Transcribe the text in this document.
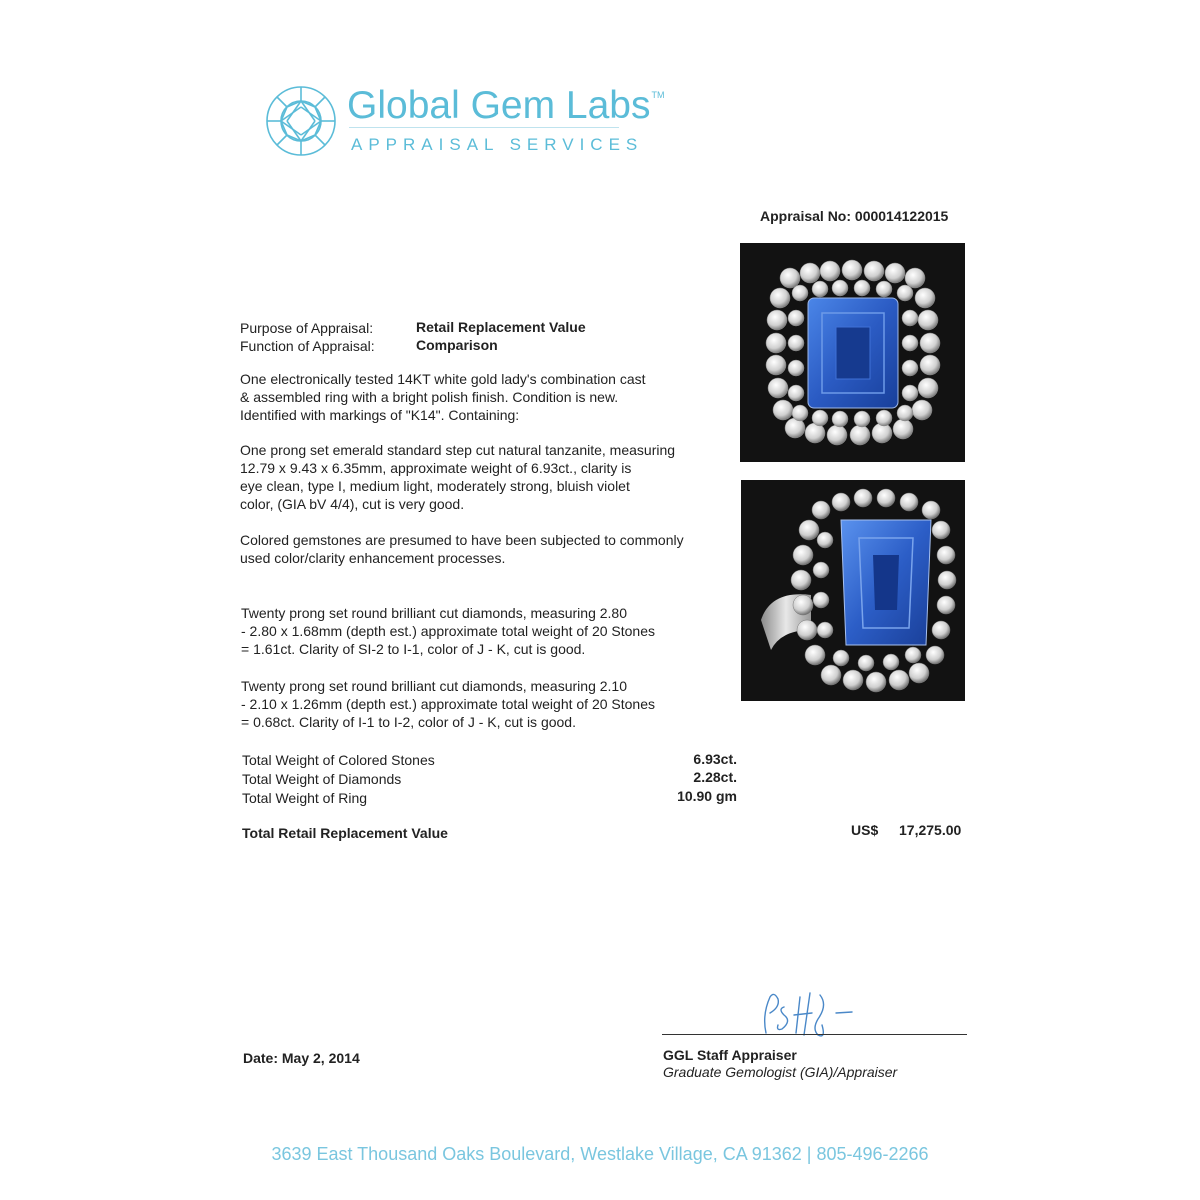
Global Gem Labs™
APPRAISAL SERVICES
Appraisal No: 000014122015
Purpose of Appraisal:	Retail Replacement Value
Function of Appraisal:	Comparison
One electronically tested 14KT white gold lady's combination cast
& assembled ring with a bright polish finish. Condition is new.
Identified with markings of "K14". Containing:
One prong set emerald standard step cut natural tanzanite, measuring
12.79 x 9.43 x 6.35mm, approximate weight of 6.93ct., clarity is
eye clean, type I, medium light, moderately strong, bluish violet
color, (GIA bV 4/4), cut is very good.
Colored gemstones are presumed to have been subjected to commonly
used color/clarity enhancement processes.
Twenty prong set round brilliant cut diamonds, measuring 2.80
- 2.80 x 1.68mm (depth est.) approximate total weight of 20 Stones
= 1.61ct. Clarity of SI-2 to I-1, color of J - K, cut is good.
Twenty prong set round brilliant cut diamonds, measuring 2.10
- 2.10 x 1.26mm (depth est.) approximate total weight of 20 Stones
= 0.68ct. Clarity of I-1 to I-2, color of J - K, cut is good.
Total Weight of Colored Stones	6.93ct.
Total Weight of Diamonds	2.28ct.
Total Weight of Ring	10.90 gm
Total Retail Replacement Value	US$ 17,275.00
Date: May 2, 2014	GGL Staff Appraiser
Graduate Gemologist (GIA)/Appraiser
3639 East Thousand Oaks Boulevard, Westlake Village, CA 91362 | 805-496-2266
